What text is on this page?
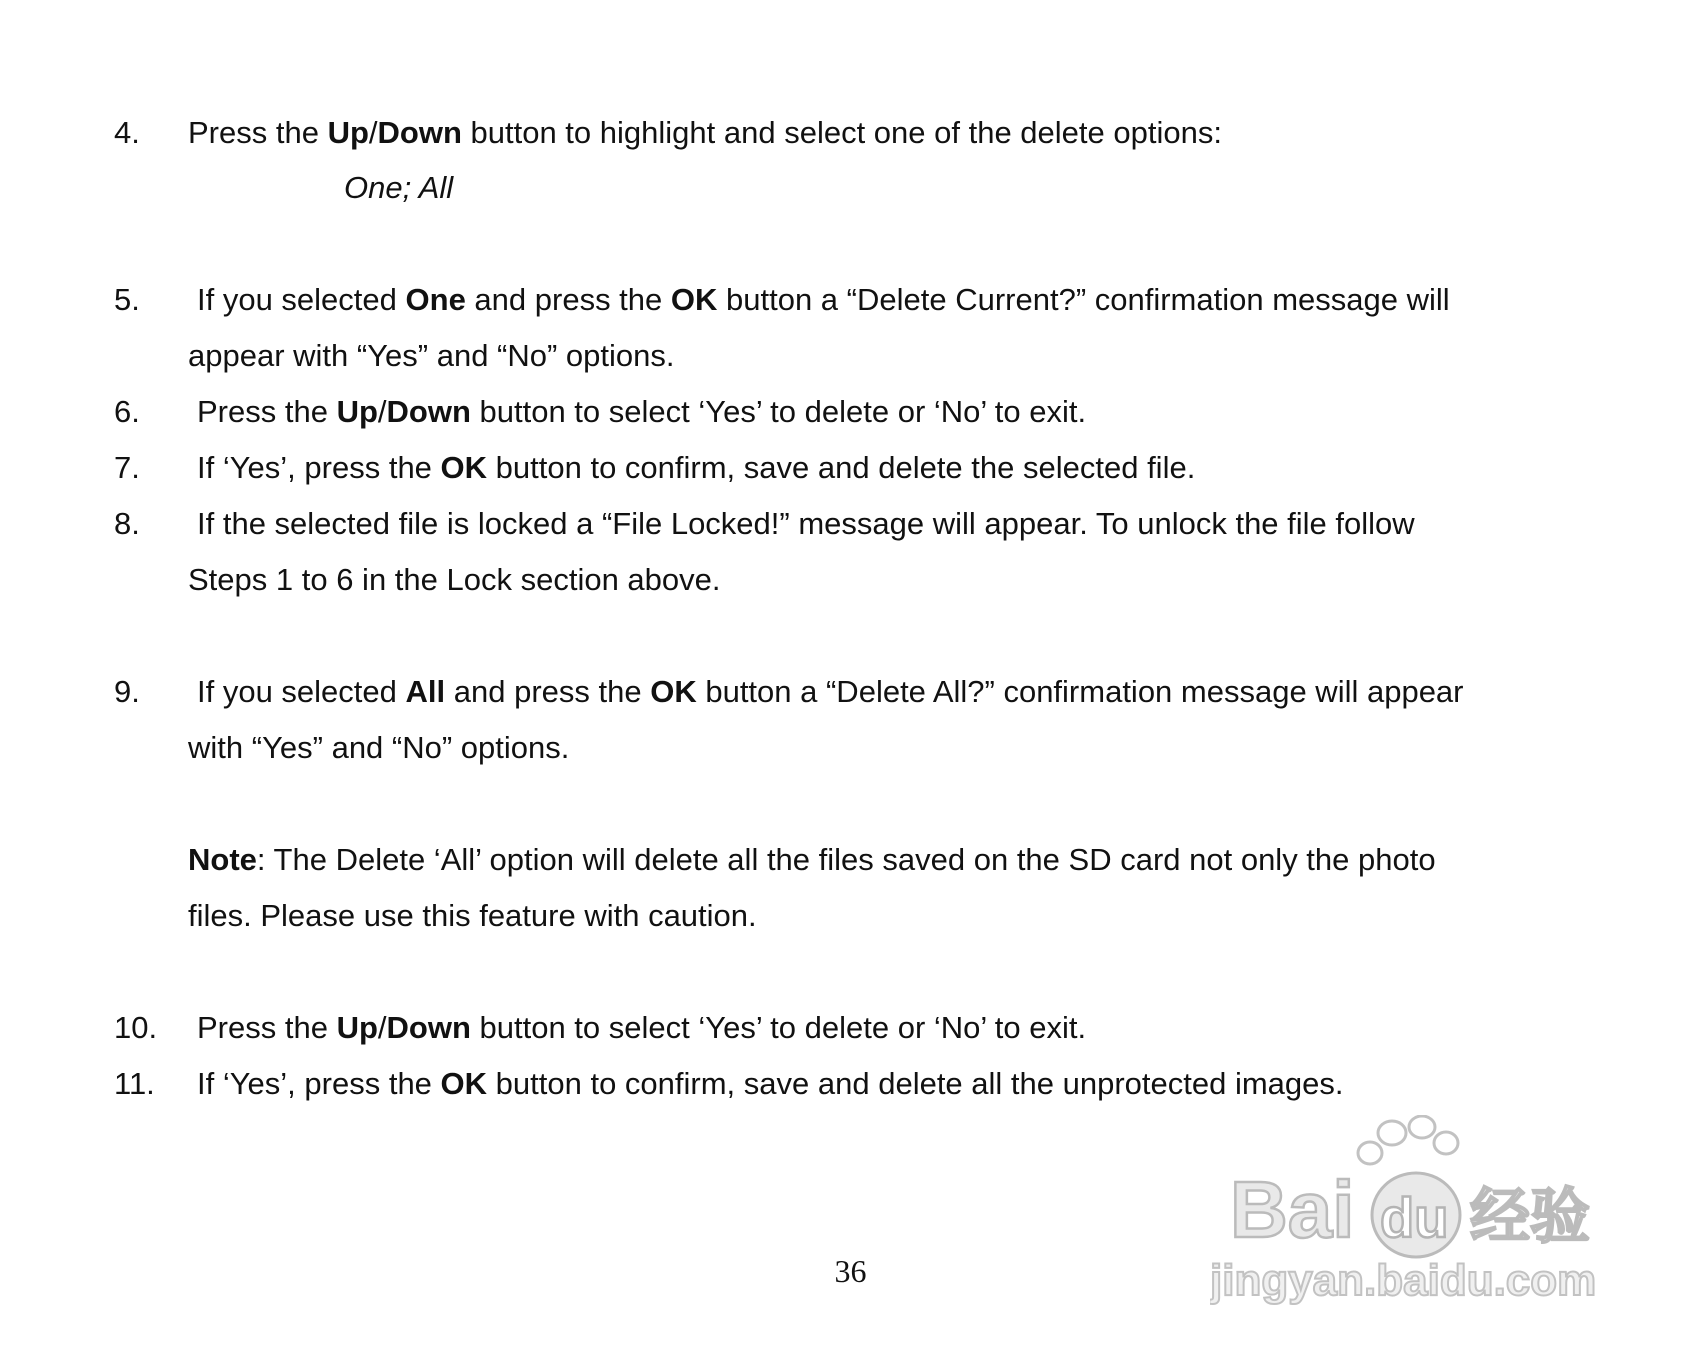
4. Press the Up/Down button to highlight and select one of the delete options:
One; All
5. If you selected One and press the OK button a “Delete Current?” confirmation message will
appear with “Yes” and “No” options.
6. Press the Up/Down button to select ‘Yes’ to delete or ‘No’ to exit.
7. If ‘Yes’, press the OK button to confirm, save and delete the selected file.
8. If the selected file is locked a “File Locked!” message will appear. To unlock the file follow
Steps 1 to 6 in the Lock section above.
9. If you selected All and press the OK button a “Delete All?” confirmation message will appear
with “Yes” and “No” options.
Note: The Delete ‘All’ option will delete all the files saved on the SD card not only the photo
files. Please use this feature with caution.
10. Press the Up/Down button to select ‘Yes’ to delete or ‘No’ to exit.
11. If ‘Yes’, press the OK button to confirm, save and delete all the unprotected images.
36
Bai du 经验
jingyan.baidu.com
